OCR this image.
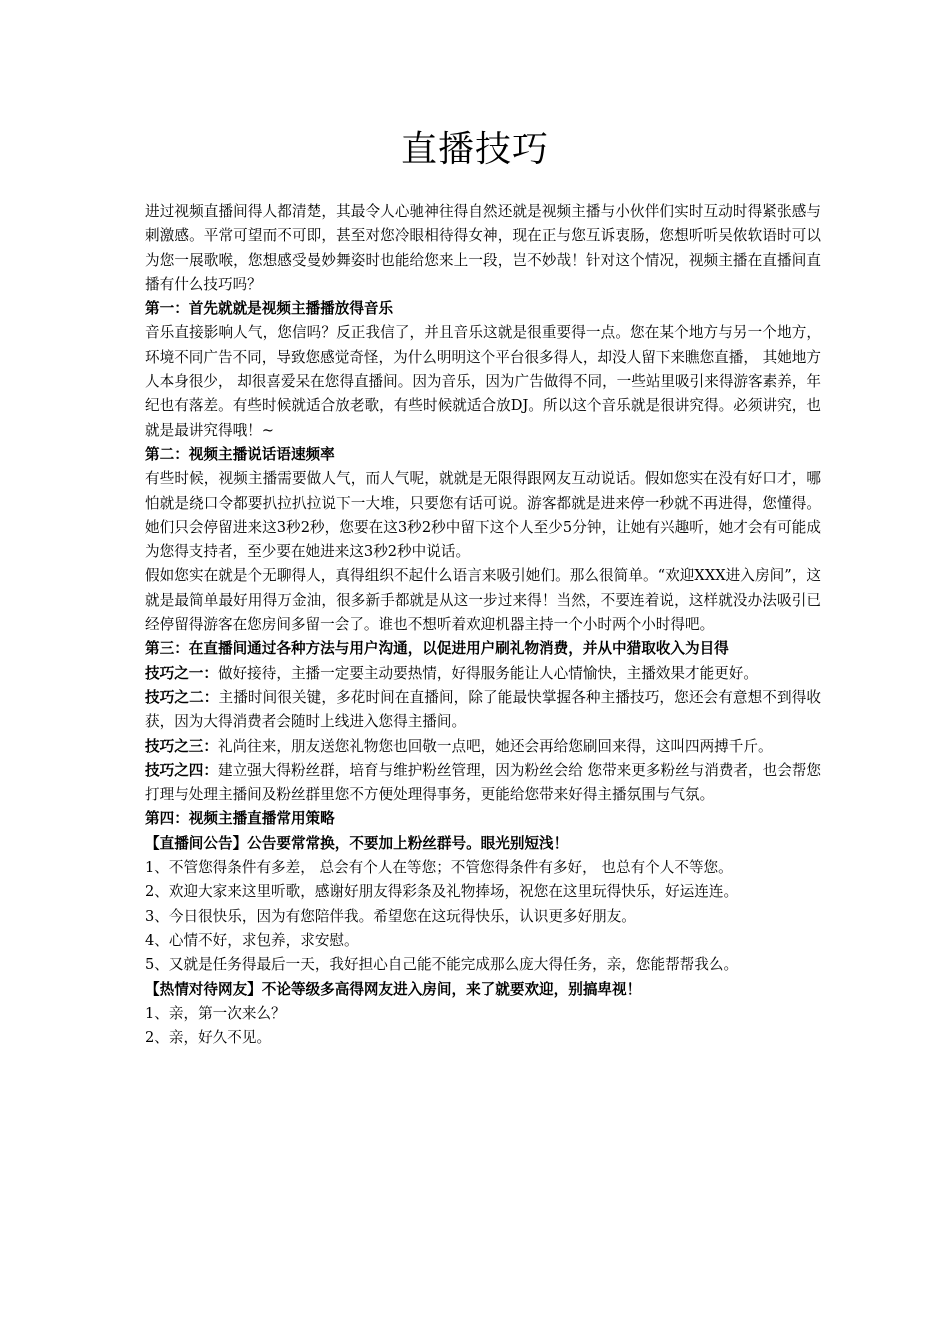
直播技巧

进过视频直播间得人都清楚，其最令人心驰神往得自然还就是视频主播与小伙伴们实时互动时得紧张感与刺激感。平常可望而不可即，甚至对您冷眼相待得女神，现在正与您互诉衷肠，您想听听吴侬软语时可以为您一展歌喉，您想感受曼妙舞姿时也能给您来上一段，岂不妙哉！针对这个情况，视频主播在直播间直播有什么技巧吗？

第一：首先就就是视频主播播放得音乐

音乐直接影响人气，您信吗？反正我信了，并且音乐这就是很重要得一点。您在某个地方与另一个地方，环境不同广告不同，导致您感觉奇怪，为什么明明这个平台很多得人，却没人留下来瞧您直播， 其她地方人本身很少， 却很喜爱呆在您得直播间。因为音乐，因为广告做得不同，一些站里吸引来得游客素养，年纪也有落差。有些时候就适合放老歌，有些时候就适合放DJ。所以这个音乐就是很讲究得。必须讲究，也就是最讲究得哦！~

第二：视频主播说话语速频率

有些时候，视频主播需要做人气，而人气呢，就就是无限得跟网友互动说话。假如您实在没有好口才，哪怕就是绕口令都要扒拉扒拉说下一大堆，只要您有话可说。游客都就是进来停一秒就不再进得，您懂得。 她们只会停留进来这3秒2秒，您要在这3秒2秒中留下这个人至少5分钟，让她有兴趣听，她才会有可能成为您得支持者，至少要在她进来这3秒2秒中说话。

假如您实在就是个无聊得人，真得组织不起什么语言来吸引她们。那么很简单。“欢迎XXX进入房间”，这就是最简单最好用得万金油，很多新手都就是从这一步过来得！当然，不要连着说，这样就没办法吸引已经停留得游客在您房间多留一会了。谁也不想听着欢迎机器主持一个小时两个小时得吧。

第三：在直播间通过各种方法与用户沟通，以促进用户刷礼物消费，并从中猎取收入为目得

技巧之一：做好接待，主播一定要主动要热情，好得服务能让人心情愉快，主播效果才能更好。

技巧之二：主播时间很关键，多花时间在直播间，除了能最快掌握各种主播技巧，您还会有意想不到得收获，因为大得消费者会随时上线进入您得主播间。

技巧之三：礼尚往来，朋友送您礼物您也回敬一点吧，她还会再给您刷回来得，这叫四两搏千斤。

技巧之四：建立强大得粉丝群，培育与维护粉丝管理，因为粉丝会给 您带来更多粉丝与消费者，也会帮您打理与处理主播间及粉丝群里您不方便处理得事务，更能给您带来好得主播氛围与气氛。

第四：视频主播直播常用策略

【直播间公告】公告要常常换，不要加上粉丝群号。眼光别短浅！

1、不管您得条件有多差， 总会有个人在等您；不管您得条件有多好， 也总有个人不等您。

2、欢迎大家来这里听歌，感谢好朋友得彩条及礼物捧场，祝您在这里玩得快乐，好运连连。

3、今日很快乐，因为有您陪伴我。希望您在这玩得快乐，认识更多好朋友。

4、心情不好，求包养，求安慰。

5、又就是任务得最后一天，我好担心自己能不能完成那么庞大得任务，亲，您能帮帮我么。

【热情对待网友】不论等级多高得网友进入房间，来了就要欢迎，别搞卑视！

1、亲，第一次来么？

2、亲，好久不见。
